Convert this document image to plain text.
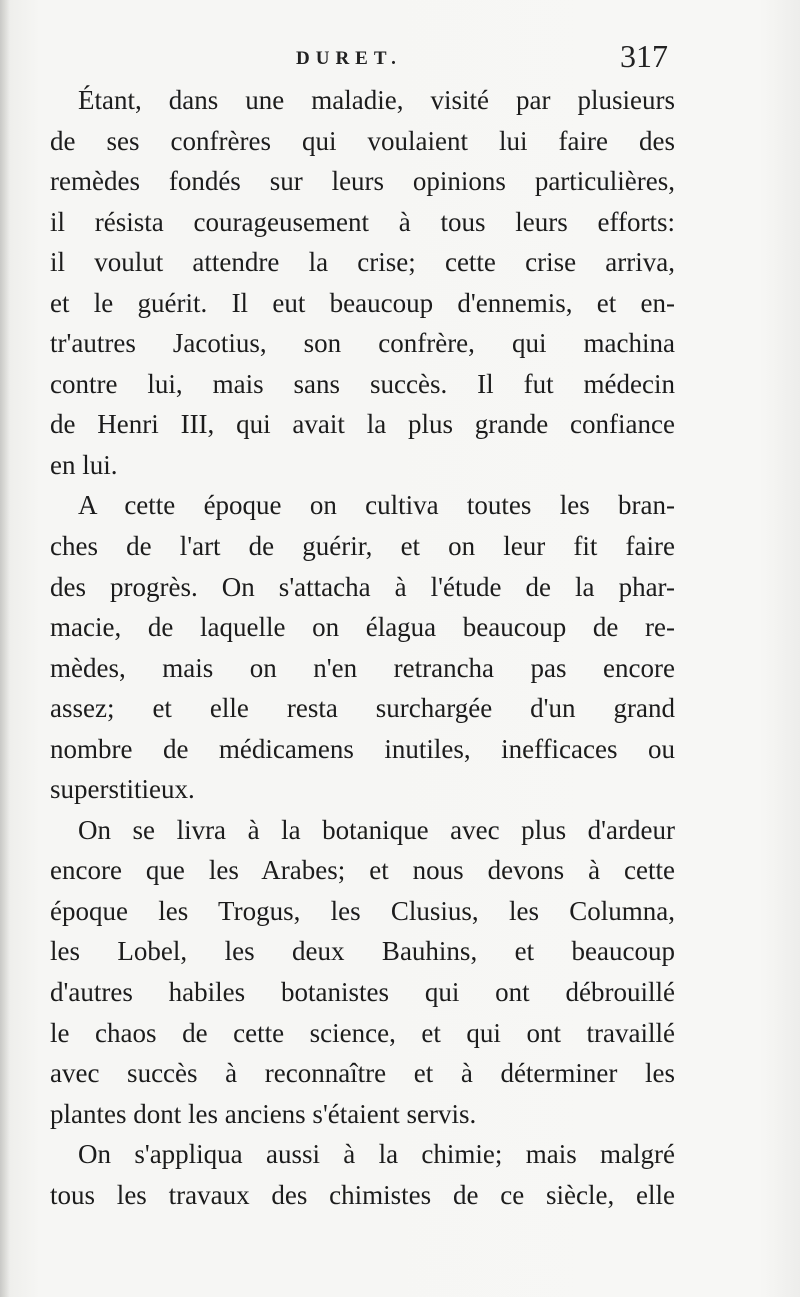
DURET.	317
Étant, dans une maladie, visité par plusieurs
de ses confrères qui voulaient lui faire des
remèdes fondés sur leurs opinions particulières,
il résista courageusement à tous leurs efforts:
il voulut attendre la crise; cette crise arriva,
et le guérit. Il eut beaucoup d'ennemis, et en-
tr'autres Jacotius, son confrère, qui machina
contre lui, mais sans succès. Il fut médecin
de Henri III, qui avait la plus grande confiance
en lui.
A cette époque on cultiva toutes les bran-
ches de l'art de guérir, et on leur fit faire
des progrès. On s'attacha à l'étude de la phar-
macie, de laquelle on élagua beaucoup de re-
mèdes, mais on n'en retrancha pas encore
assez; et elle resta surchargée d'un grand
nombre de médicamens inutiles, inefficaces ou
superstitieux.
On se livra à la botanique avec plus d'ardeur
encore que les Arabes; et nous devons à cette
époque les Trogus, les Clusius, les Columna,
les Lobel, les deux Bauhins, et beaucoup
d'autres habiles botanistes qui ont débrouillé
le chaos de cette science, et qui ont travaillé
avec succès à reconnaître et à déterminer les
plantes dont les anciens s'étaient servis.
On s'appliqua aussi à la chimie; mais malgré
tous les travaux des chimistes de ce siècle, elle
